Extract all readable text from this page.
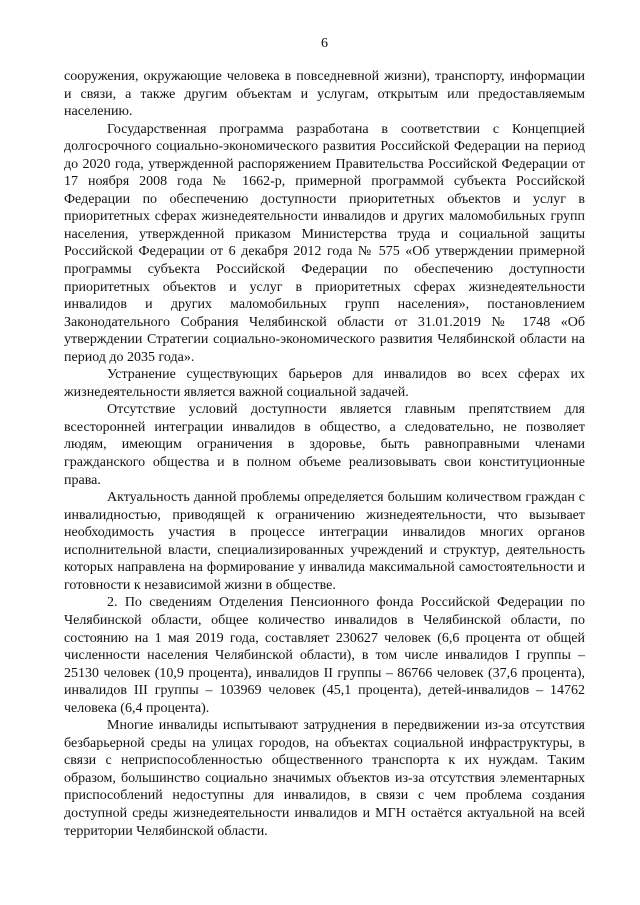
6

сооружения, окружающие человека в повседневной жизни), транспорту, информации и связи, а также другим объектам и услугам, открытым или предоставляемым населению.

Государственная программа разработана в соответствии с Концепцией долгосрочного социально-экономического развития Российской Федерации на период до 2020 года, утвержденной распоряжением Правительства Российской Федерации от 17 ноября 2008 года № 1662-р, примерной программой субъекта Российской Федерации по обеспечению доступности приоритетных объектов и услуг в приоритетных сферах жизнедеятельности инвалидов и других маломобильных групп населения, утвержденной приказом Министерства труда и социальной защиты Российской Федерации от 6 декабря 2012 года № 575 «Об утверждении примерной программы субъекта Российской Федерации по обеспечению доступности приоритетных объектов и услуг в приоритетных сферах жизнедеятельности инвалидов и других маломобильных групп населения», постановлением Законодательного Собрания Челябинской области от 31.01.2019 № 1748 «Об утверждении Стратегии социально-экономического развития Челябинской области на период до 2035 года».

Устранение существующих барьеров для инвалидов во всех сферах их жизнедеятельности является важной социальной задачей.

Отсутствие условий доступности является главным препятствием для всесторонней интеграции инвалидов в общество, а следовательно, не позволяет людям, имеющим ограничения в здоровье, быть равноправными членами гражданского общества и в полном объеме реализовывать свои конституционные права.

Актуальность данной проблемы определяется большим количеством граждан с инвалидностью, приводящей к ограничению жизнедеятельности, что вызывает необходимость участия в процессе интеграции инвалидов многих органов исполнительной власти, специализированных учреждений и структур, деятельность которых направлена на формирование у инвалида максимальной самостоятельности и готовности к независимой жизни в обществе.

2. По сведениям Отделения Пенсионного фонда Российской Федерации по Челябинской области, общее количество инвалидов в Челябинской области, по состоянию на 1 мая 2019 года, составляет 230627 человек (6,6 процента от общей численности населения Челябинской области), в том числе инвалидов I группы – 25130 человек (10,9 процента), инвалидов II группы – 86766 человек (37,6 процента), инвалидов III группы – 103969 человек (45,1 процента), детей-инвалидов – 14762 человека (6,4 процента).

Многие инвалиды испытывают затруднения в передвижении из-за отсутствия безбарьерной среды на улицах городов, на объектах социальной инфраструктуры, в связи с неприспособленностью общественного транспорта к их нуждам. Таким образом, большинство социально значимых объектов из-за отсутствия элементарных приспособлений недоступны для инвалидов, в связи с чем проблема создания доступной среды жизнедеятельности инвалидов и МГН остаётся актуальной на всей территории Челябинской области.
